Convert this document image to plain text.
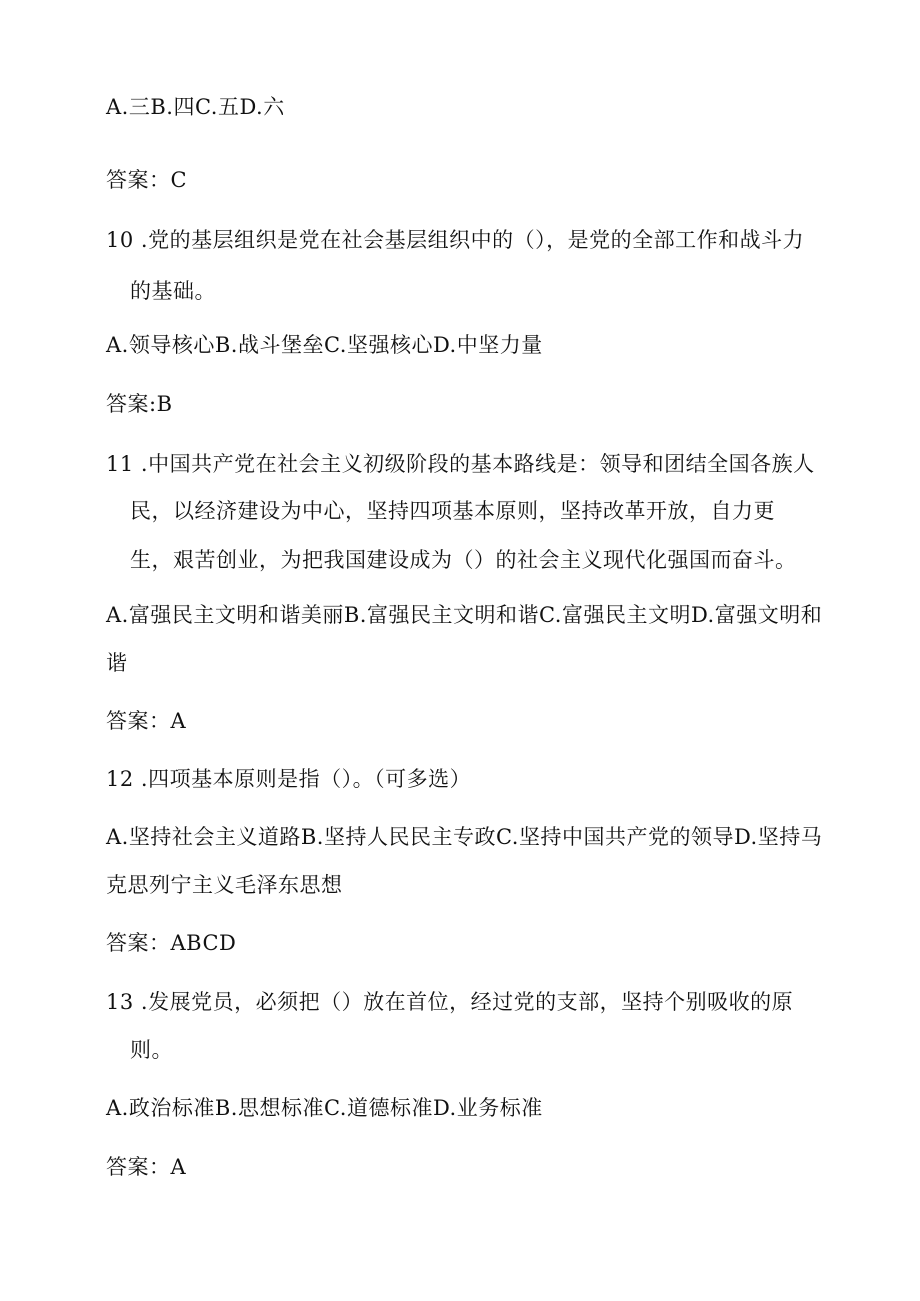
A.三B.四C.五D.六
答案：C
10 .党的基层组织是党在社会基层组织中的（），是党的全部工作和战斗力
的基础。
A.领导核心B.战斗堡垒C.坚强核心D.中坚力量
答案:B
11 .中国共产党在社会主义初级阶段的基本路线是：领导和团结全国各族人
民，以经济建设为中心，坚持四项基本原则，坚持改革开放，自力更
生，艰苦创业，为把我国建设成为（）的社会主义现代化强国而奋斗。
A.富强民主文明和谐美丽B.富强民主文明和谐C.富强民主文明D.富强文明和
谐
答案：A
12 .四项基本原则是指（）。（可多选）
A.坚持社会主义道路B.坚持人民民主专政C.坚持中国共产党的领导D.坚持马
克思列宁主义毛泽东思想
答案：ABCD
13 .发展党员，必须把（）放在首位，经过党的支部，坚持个别吸收的原
则。
A.政治标准B.思想标准C.道德标准D.业务标准
答案：A
